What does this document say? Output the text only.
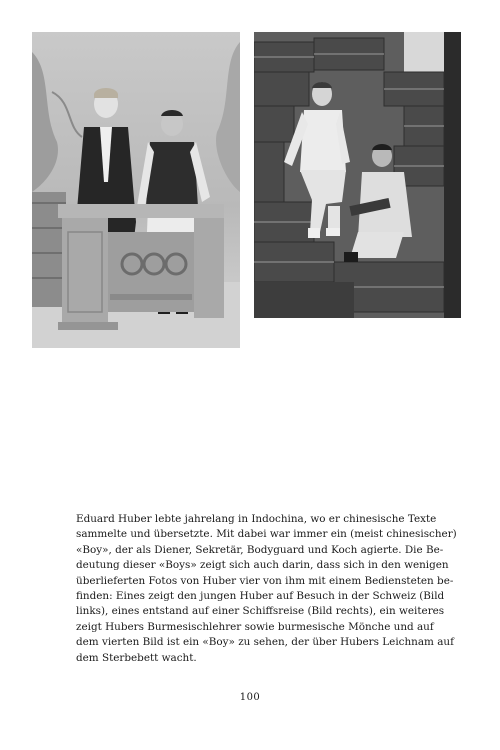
Eduard Huber lebte jahrelang in Indochina, wo er chinesische Texte
sammelte und übersetzte. Mit dabei war immer ein (meist chinesischer)
«Boy», der als Diener, Sekretär, Bodyguard und Koch agierte. Die Be-
deutung dieser «Boys» zeigt sich auch darin, dass sich in den wenigen
überlieferten Fotos von Huber vier von ihm mit einem Bediensteten be-
finden: Eines zeigt den jungen Huber auf Besuch in der Schweiz (Bild
links), eines entstand auf einer Schiffsreise (Bild rechts), ein weiteres
zeigt Hubers Burmesischlehrer sowie burmesische Mönche und auf
dem vierten Bild ist ein «Boy» zu sehen, der über Hubers Leichnam auf
dem Sterbebett wacht.

100
